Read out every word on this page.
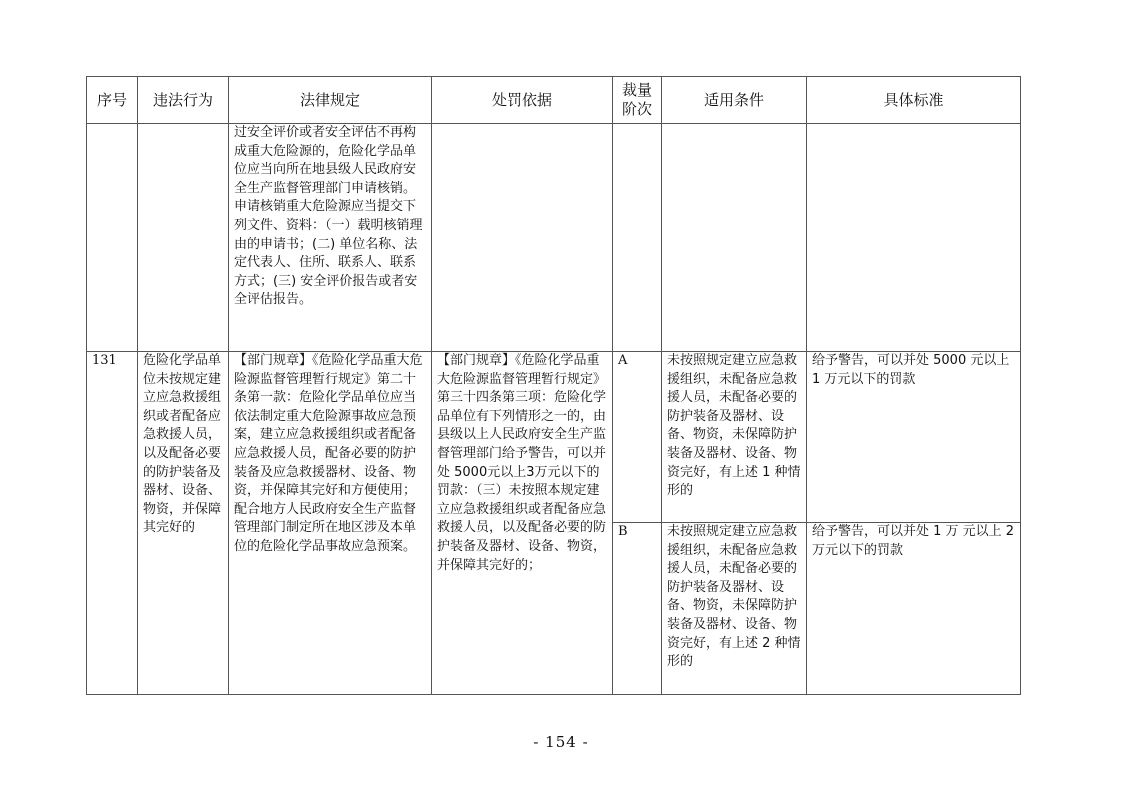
序号	违法行为	法律规定	处罚依据	裁量阶次	适用条件	具体标准

		过安全评价或者安全评估不再构成重大危险源的，危险化学品单位应当向所在地县级人民政府安全生产监督管理部门申请核销。
申请核销重大危险源应当提交下列文件、资料：（一）载明核销理由的申请书；(二) 单位名称、法定代表人、住所、联系人、联系方式；(三) 安全评价报告或者安全评估报告。				

131	危险化学品单位未按规定建立应急救援组织或者配备应急救援人员，以及配备必要的防护装备及器材、设备、物资，并保障其完好的	【部门规章】《危险化学品重大危险源监督管理暂行规定》第二十条第一款：危险化学品单位应当依法制定重大危险源事故应急预案，建立应急救援组织或者配备应急救援人员，配备必要的防护装备及应急救援器材、设备、物资，并保障其完好和方便使用；配合地方人民政府安全生产监督管理部门制定所在地区涉及本单位的危险化学品事故应急预案。	【部门规章】《危险化学品重大危险源监督管理暂行规定》第三十四条第三项：危险化学品单位有下列情形之一的，由县级以上人民政府安全生产监督管理部门给予警告，可以并处 5000元以上3万元以下的罚款：（三）未按照本规定建立应急救援组织或者配备应急救援人员，以及配备必要的防护装备及器材、设备、物资，并保障其完好的；	A	未按照规定建立应急救援组织，未配备应急救援人员，未配备必要的防护装备及器材、设备、物资，未保障防护装备及器材、设备、物资完好，有上述 1 种情形的	给予警告，可以并处 5000 元以上 1 万元以下的罚款
				B	未按照规定建立应急救援组织，未配备应急救援人员，未配备必要的防护装备及器材、设备、物资，未保障防护装备及器材、设备、物资完好，有上述 2 种情形的	给予警告，可以并处 1 万 元以上 2 万元以下的罚款
- 154 -
